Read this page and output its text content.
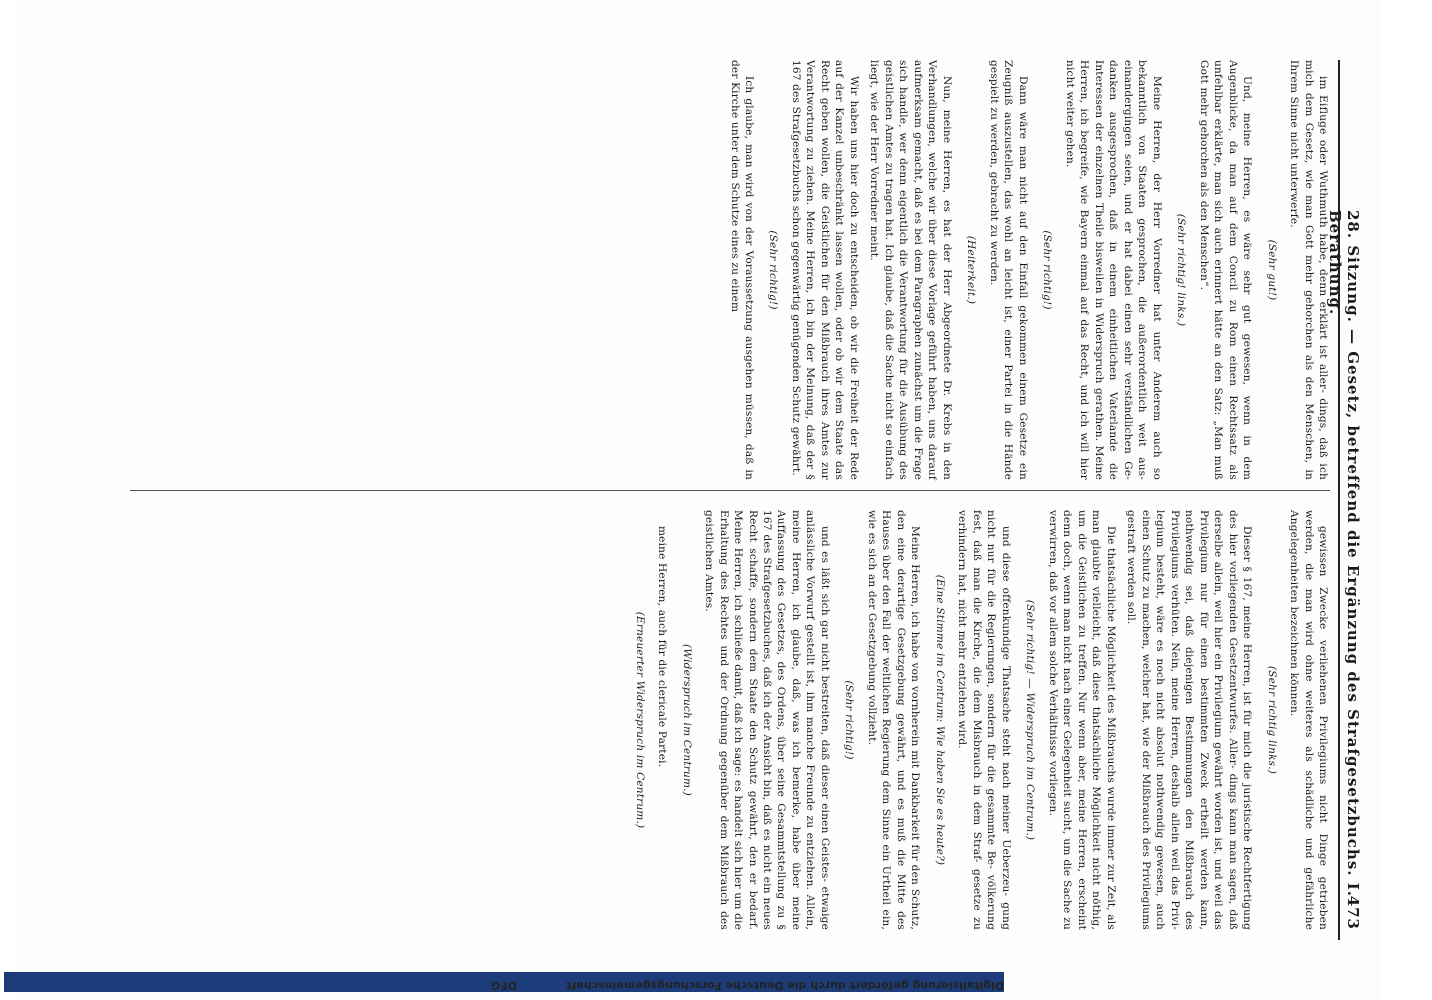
28. Sitzung. — Gesetz, betreffend die Ergänzung des Strafgesetzbuchs. I. Berathung.
473

im Eifluge oder Wuthmuth habe, denn erklärt ist aller- dings, daß ich mich dem Gesetz, wie man Gott mehr gehorchen als den Menschen, in Ihrem Sinne nicht unterwerfe.

(Sehr gut!)

Und, meine Herren, es wäre sehr gut gewesen, wenn in dem Augenblicke, da man auf dem Concil zu Rom einen Rechtssatz als unfehlbar erklärte, man sich auch erinnert hätte an den Satz: „Man muß Gott mehr gehorchen als den Menschen“.

(Sehr richtig! links.)

Meine Herren, der Herr Vorredner hat unter Anderem auch so bekanntlich von Staaten gesprochen, die außerordentlich weit aus- einandergingen seien, und er hat dabei einen sehr verständlichen Ge- danken ausgesprochen, daß in einem einheitlichen Vaterlande die Interessen der einzelnen Theile bisweilen in Widerspruch gerathen. Meine Herren, ich begreife, wie Bayern einmal auf das Recht, und ich will hier nicht weiter gehen.

(Sehr richtig!)

Dann wäre man nicht auf den Einfall gekommen einem Gesetze ein Zeugniß auszustellen, das wohl an leicht ist, einer Partei in die Hände gespielt zu werden, gebracht zu werden.

(Heiterkeit.)

Nun, meine Herren, es hat der Herr Abgeordnete Dr. Krebs in den Verhandlungen, welche wir über diese Vorlage geführt haben, uns darauf aufmerksam gemacht, daß es bei dem Paragraphen zunächst um die Frage sich handle, wer denn eigentlich die Verantwortung für die Ausübung des geistlichen Amtes zu tragen hat. Ich glaube, daß die Sache nicht so einfach liegt, wie der Herr Vorredner meint.

Wir haben uns hier doch zu entscheiden, ob wir die Freiheit der Rede auf der Kanzel unbeschränkt lassen wollen, oder ob wir dem Staate das Recht geben wollen, die Geistlichen für den Mißbrauch ihres Amtes zur Verantwortung zu ziehen. Meine Herren, ich bin der Meinung, daß der § 167 des Strafgesetzbuchs schon gegenwärtig genügenden Schutz gewährt.

(Sehr richtig!)

Ich glaube, man wird von der Voraussetzung ausgehen müssen, daß in der Kirche unter dem Schutze eines zu einem

gewissen Zwecke verliehenen Privilegiums nicht Dinge getrieben werden, die man wird ohne weiteres als schädliche und gefährliche Angelegenheiten bezeichnen können.

(Sehr richtig links.)

Dieser § 167, meine Herren, ist für mich die juristische Rechtfertigung des hier vorliegenden Gesetzentwurfes. Aller- dings kann man sagen, daß derselbe allein, weil hier ein Privilegium gewährt worden ist, und weil das Privilegium nur für einen bestimmten Zweck ertheilt werden kann, nothwendig sei, daß diejenigen Bestimmungen den Mißbrauch des Privilegiums verhüten. Nein, meine Herren, deshalb allein weil das Privi- legium besteht, wäre es noch nicht absolut nothwendig gewesen, auch einen Schutz zu machen, welcher hat, wie der Mißbrauch des Privilegiums gestraft werden soll.

Die thatsächliche Möglichkeit des Mißbrauchs wurde immer zur Zeit, als man glaubte vielleicht, daß diese thatsächliche Möglichkeit nicht nöthig, um die Geistlichen zu treffen. Nur wenn aber, meine Herren, erscheint denn doch, wenn man nicht nach einer Gelegenheit sucht, um die Sache zu verwirren, daß vor allem solche Verhältnisse vorliegen.

(Sehr richtig! — Widerspruch im Centrum.)

und diese offenkundige Thatsache steht nach meiner Ueberzeu- gung nicht nur für die Regierungen, sondern für die gesammte Be- völkerung fest, daß man die Kirche, die dem Misbrauch in dem Straf- gesetze zu verhindern hat, nicht mehr entziehen wird.

(Eine Stimme im Centrum: Wie haben Sie es heute?)

Meine Herren, ich habe von vornherein mit Dankbarkeit für den Schutz, den eine derartige Gesetzgebung gewährt, und es muß die Mitte des Hauses über den Fall der weltlichen Regierung dem Sinne ein Urtheil ein, wie es sich an der Gesetzgebung vollzieht.

(Sehr richtig!)

und es läßt sich gar nicht bestreiten, daß dieser einen Geistes- etwaige anlässliche Vorwurf gestellt ist, ihm manche Freunde zu entziehen. Allein, meine Herren, ich glaube, daß, was ich bemerke, habe über meine Auffassung des Gesetzes, des Ordens, über seine Gesammtstellung zu § 167 des Strafgesetzbuches, daß ich der Ansicht bin, daß es nicht ein neues Recht schaffe, sondern dem Staate den Schutz gewährt, den er bedarf. Meine Herren, ich schließe damit, daß ich sage: es handelt sich hier um die Erhaltung des Rechtes und der Ordnung gegenüber dem Mißbrauch des geistlichen Amtes.

(Widerspruch im Centrum.)

meine Herren, auch für die clericale Partei.

(Erneuerter Widerspruch im Centrum.)

DFG	Digitalisierung gefördert durch die Deutsche Forschungsgemeinschaft
